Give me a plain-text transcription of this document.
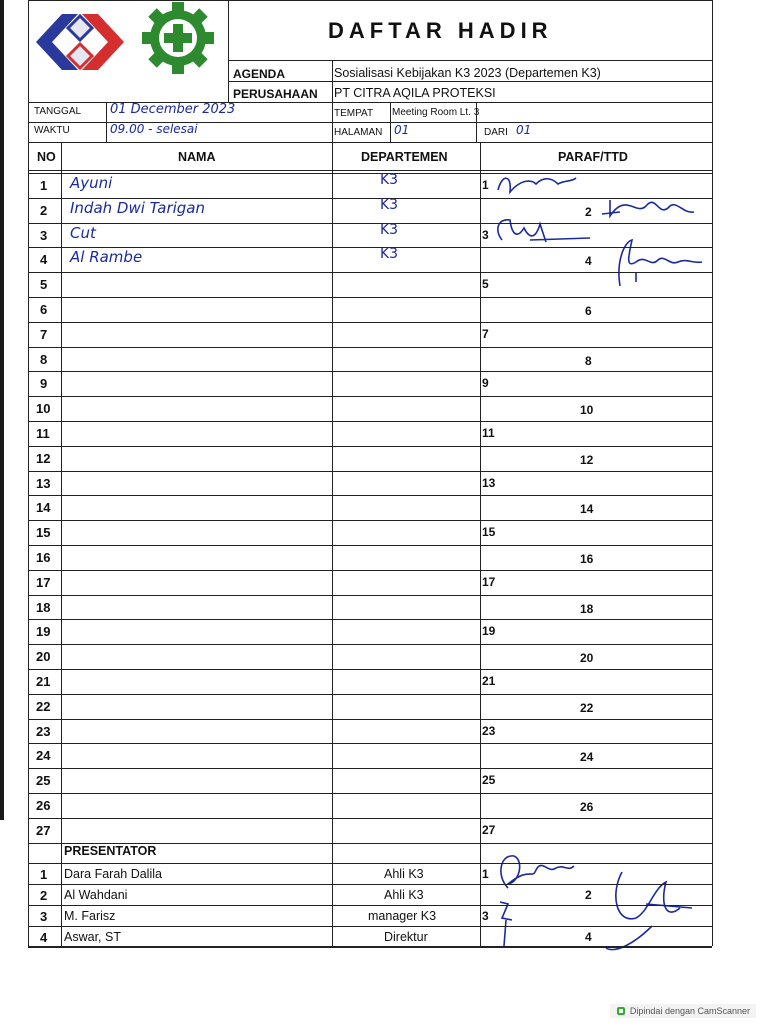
DAFTAR HADIR
AGENDA	Sosialisasi Kebijakan K3 2023 (Departemen K3)
PERUSAHAAN PT CITRA AQILA PROTEKSI
TANGGAL 01 December 2023	TEMPAT Meeting Room Lt. 3
WAKTU	09.00 - selesai	HALAMAN 01	DARI 01
NO	NAMA	DEPARTEMEN	PARAF/TTD
PRESENTATOR
1 Ayuni	K3	1
2 Indah Dwi Tarigan	K3	2
3 Cut	K3	3
4 Al Rambe	K3	4
5	5
6	6
7	7
8	8
9	9
10	10
11	11
12	12
13	13
14	14
15	15
16	16
17	17
18	18
19	19
20	20
21	21
22	22
23	23
24	24
25	25
26	26
27	27
1 Dara Farah Dalila	Ahli K3	1
2 Al Wahdani	Ahli K3	2
3 M. Farisz	manager K3	3
4 Aswar, ST	Direktur	4
Dipindai dengan CamScanner
